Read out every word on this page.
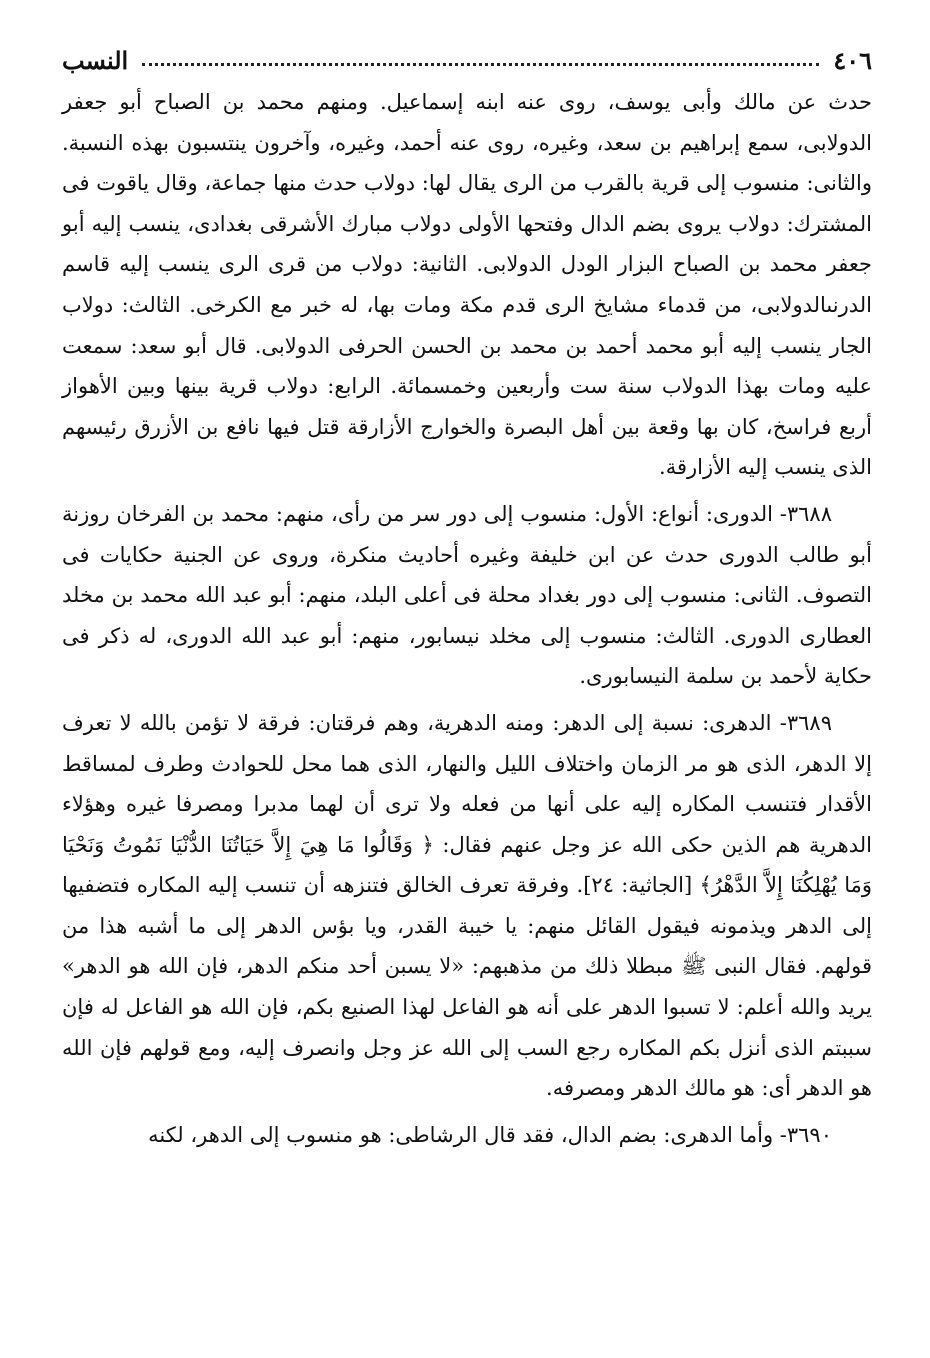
٤٠٦
النسب

حدث عن مالك وأبى يوسف، روى عنه ابنه إسماعيل. ومنهم محمد بن الصباح أبو جعفر الدولابى، سمع إبراهيم بن سعد، وغيره، روى عنه أحمد، وغيره، وآخرون ينتسبون بهذه النسبة. والثانى: منسوب إلى قرية بالقرب من الرى يقال لها: دولاب حدث منها جماعة، وقال ياقوت فى المشترك: دولاب يروى بضم الدال وفتحها الأولى دولاب مبارك الأشرقى بغدادى، ينسب إليه أبو جعفر محمد بن الصباح البزار الودل الدولابى. الثانية: دولاب من قرى الرى ينسب إليه قاسم الدرنىالدولابى، من قدماء مشايخ الرى قدم مكة ومات بها، له خبر مع الكرخى. الثالث: دولاب الجار ينسب إليه أبو محمد أحمد بن محمد بن الحسن الحرفى الدولابى. قال أبو سعد: سمعت عليه ومات بهذا الدولاب سنة ست وأربعين وخمسمائة. الرابع: دولاب قرية بينها وبين الأهواز أربع فراسخ، كان بها وقعة بين أهل البصرة والخوارج الأزارقة قتل فيها نافع بن الأزرق رئيسهم الذى ينسب إليه الأزارقة.

٣٦٨٨- الدورى: أنواع: الأول: منسوب إلى دور سر من رأى، منهم: محمد بن الفرخان روزنة أبو طالب الدورى حدث عن ابن خليفة وغيره أحاديث منكرة، وروى عن الجنية حكايات فى التصوف. الثانى: منسوب إلى دور بغداد محلة فى أعلى البلد، منهم: أبو عبد الله محمد بن مخلد العطارى الدورى. الثالث: منسوب إلى مخلد نيسابور، منهم: أبو عبد الله الدورى، له ذكر فى حكاية لأحمد بن سلمة النيسابورى.

٣٦٨٩- الدهرى: نسبة إلى الدهر: ومنه الدهرية، وهم فرقتان: فرقة لا تؤمن بالله لا تعرف إلا الدهر، الذى هو مر الزمان واختلاف الليل والنهار، الذى هما محل للحوادث وطرف لمساقط الأقدار فتنسب المكاره إليه على أنها من فعله ولا ترى أن لهما مدبرا ومصرفا غيره وهؤلاء الدهرية هم الذين حكى الله عز وجل عنهم فقال: ﴿ وَقَالُوا مَا هِيَ إِلاَّ حَيَاتُنَا الدُّنْيَا نَمُوتُ وَنَحْيَا وَمَا يُهْلِكُنَا إِلاَّ الدَّهْرُ﴾ [الجاثية: ٢٤]. وفرقة تعرف الخالق فتنزهه أن تنسب إليه المكاره فتضفيها إلى الدهر ويذمونه فيقول القائل منهم: يا خيبة القدر، ويا بؤس الدهر إلى ما أشبه هذا من قولهم. فقال النبى ﷺ مبطلا ذلك من مذهبهم: «لا يسبن أحد منكم الدهر، فإن الله هو الدهر» يريد والله أعلم: لا تسبوا الدهر على أنه هو الفاعل لهذا الصنيع بكم، فإن الله هو الفاعل له فإن سببتم الذى أنزل بكم المكاره رجع السب إلى الله عز وجل وانصرف إليه، ومع قولهم فإن الله هو الدهر أى: هو مالك الدهر ومصرفه.

٣٦٩٠- وأما الدهرى: بضم الدال، فقد قال الرشاطى: هو منسوب إلى الدهر، لكنه
